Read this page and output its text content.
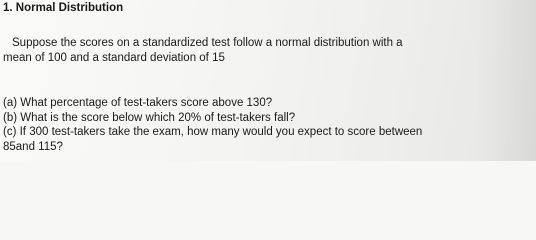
1. Normal Distribution
Suppose the scores on a standardized test follow a normal distribution with a
mean of 100 and a standard deviation of 15
(a) What percentage of test-takers score above 130?
(b) What is the score below which 20% of test-takers fall?
(c) If 300 test-takers take the exam, how many would you expect to score between
85and 115?
